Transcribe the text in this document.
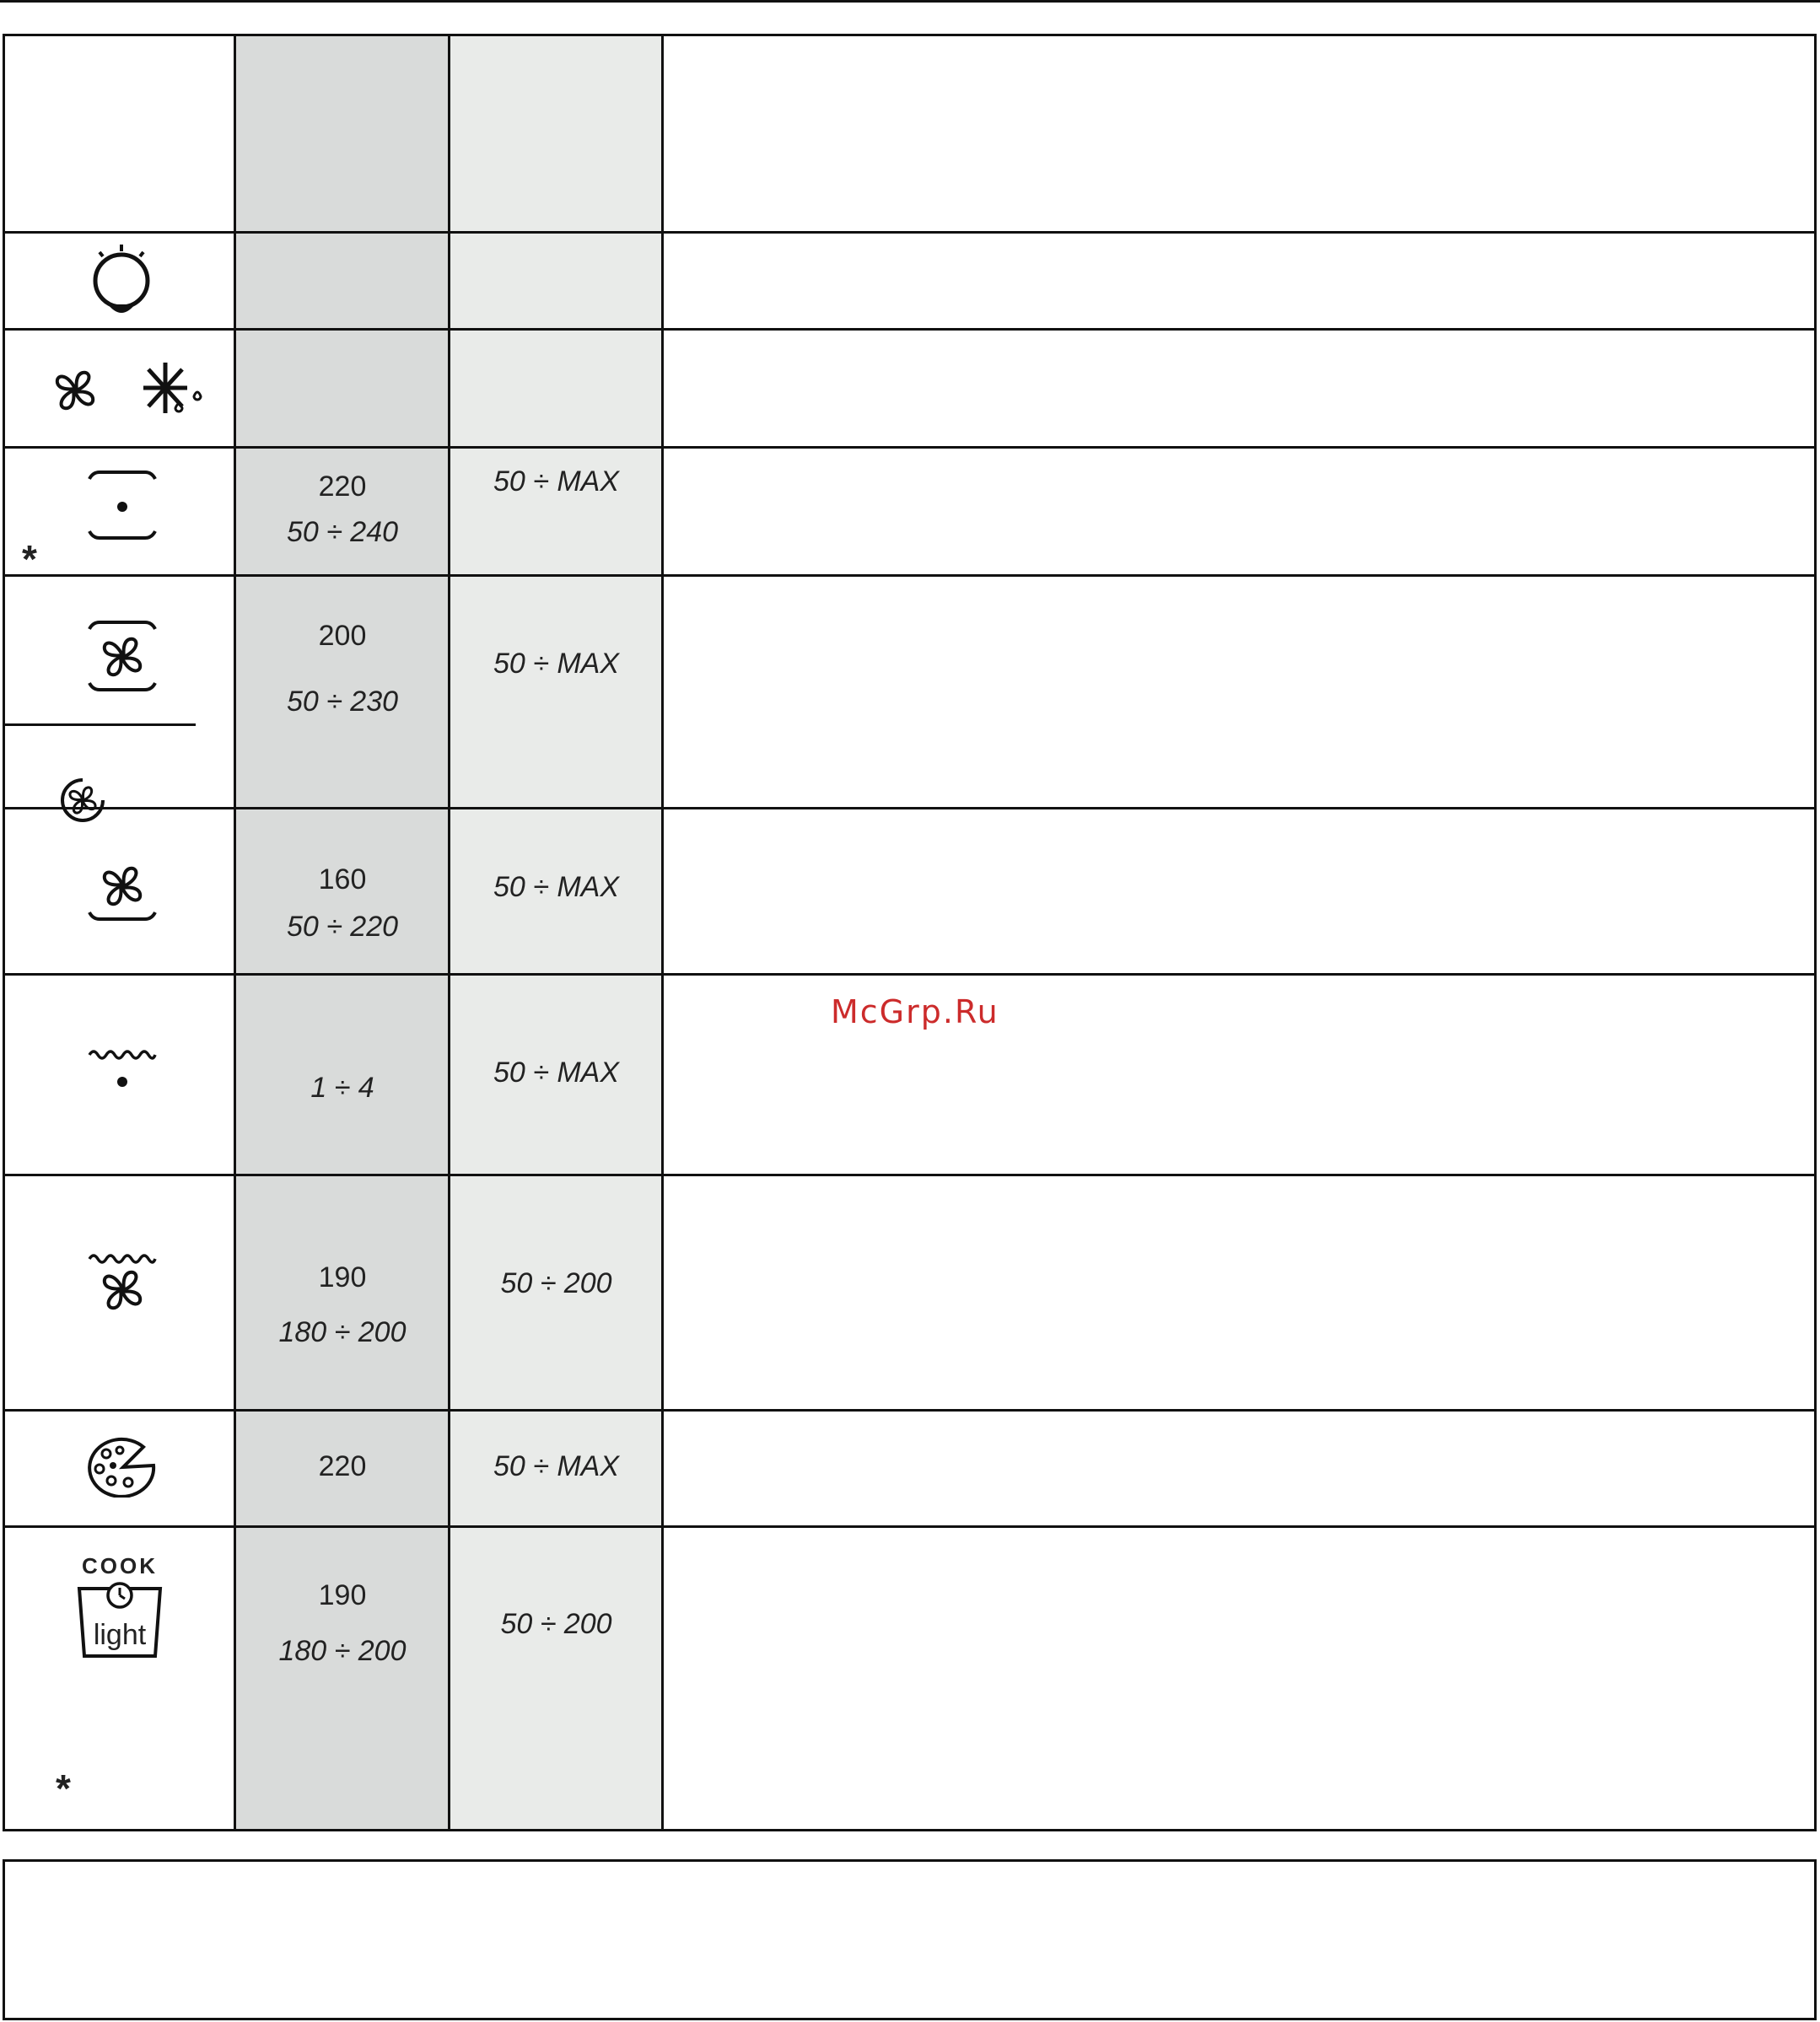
*
220
50 ÷ 240
50 ÷ MAX
200
50 ÷ 230
50 ÷ MAX
160
50 ÷ 220
50 ÷ MAX
1 ÷ 4	50 ÷ MAX
190
180 ÷ 200
50 ÷ 200
220	50 ÷ MAX
COOK
light
*
190
180 ÷ 200
50 ÷ 200
McGrp.Ru
